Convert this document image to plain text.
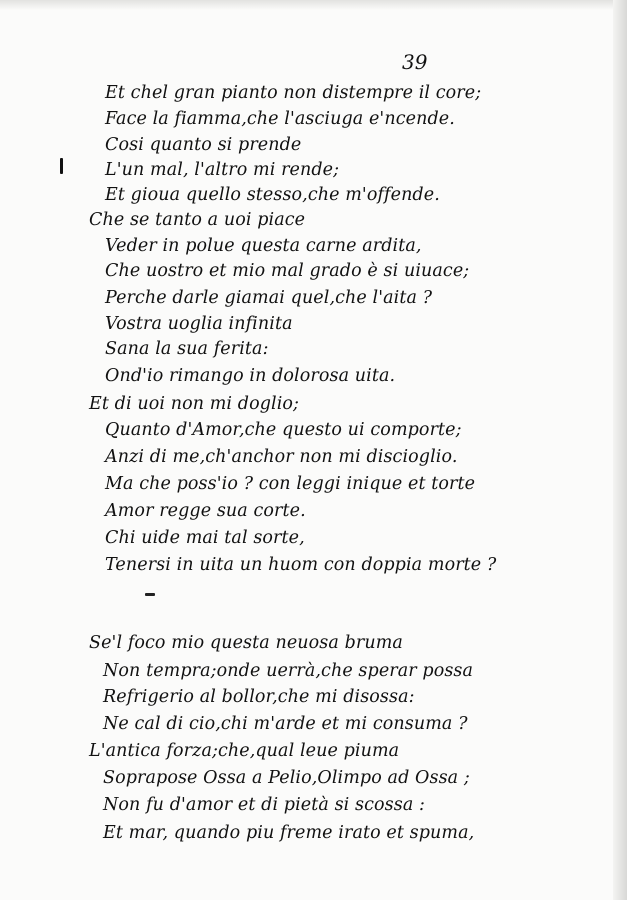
39

Et chel gran pianto non distempre il core;
Face la fiamma,che l'asciuga e'ncende.
Cosi quanto si prende
L'un mal, l'altro mi rende;
Et gioua quello stesso,che m'offende.
Che se tanto a uoi piace
Veder in polue questa carne ardita,
Che uostro et mio mal grado è si uiuace;
Perche darle giamai quel,che l'aita ?
Vostra uoglia infinita
Sana la sua ferita:
Ond'io rimango in dolorosa uita.
Et di uoi non mi doglio;
Quanto d'Amor,che questo ui comporte;
Anzi di me,ch'anchor non mi discioglio.
Ma che poss'io ? con leggi inique et torte
Amor regge sua corte.
Chi uide mai tal sorte,
Tenersi in uita un huom con doppia morte ?
Se'l foco mio questa neuosa bruma
Non tempra;onde uerrà,che sperar possa
Refrigerio al bollor,che mi disossa:
Ne cal di cio,chi m'arde et mi consuma ?
L'antica forza;che,qual leue piuma
Soprapose Ossa a Pelio,Olimpo ad Ossa ;
Non fu d'amor et di pietà si scossa :
Et mar, quando piu freme irato et spuma,
